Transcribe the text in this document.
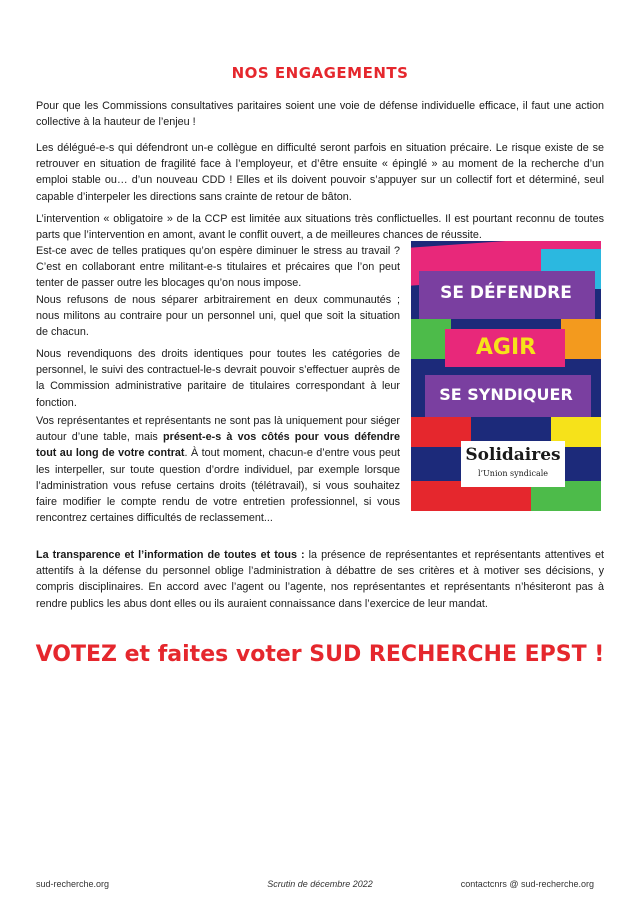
NOS ENGAGEMENTS

Pour que les Commissions consultatives paritaires soient une voie de défense individuelle efficace, il faut une action collective à la hauteur de l’enjeu !

Les délégué-e-s qui défendront un-e collègue en difficulté seront parfois en situation précaire. Le risque existe de se retrouver en situation de fragilité face à l’employeur, et d’être ensuite « épinglé » au moment de la recherche d’un emploi stable ou… d’un nouveau CDD ! Elles et ils doivent pouvoir s’appuyer sur un collectif fort et déterminé, seul capable d’interpeler les directions sans crainte de retour de bâton.

L’intervention « obligatoire » de la CCP est limitée aux situations très conflictuelles. Il est pourtant reconnu de toutes parts que l’intervention en amont, avant le conflit ouvert, a de meilleures chances de réussite.

Est-ce avec de telles pratiques qu’on espère diminuer le stress au travail ? C’est en collaborant entre militant-e-s titulaires et précaires que l’on peut tenter de passer outre les blocages qu’on nous impose.

Nous refusons de nous séparer arbitrairement en deux communautés ; nous militons au contraire pour un personnel uni, quel que soit la situation de chacun.

Nous revendiquons des droits identiques pour toutes les catégories de personnel, le suivi des contractuel-le-s devrait pouvoir s’effectuer auprès de la Commission administrative paritaire de titulaires correspondant à leur fonction.

Vos représentantes et représentants ne sont pas là uniquement pour siéger autour d’une table, mais présent-e-s à vos côtés pour vous défendre tout au long de votre contrat. À tout moment, chacun-e d’entre vous peut les interpeller, sur toute question d’ordre individuel, par exemple lorsque l’administration vous refuse certains droits (télétravail), si vous souhaitez faire modifier le compte rendu de votre entretien professionnel, si vous rencontrez certaines difficultés de reclassement...

La transparence et l’information de toutes et tous : la présence de représentantes et représentants attentives et attentifs à la défense du personnel oblige l’administration à débattre de ses critères et à motiver ses décisions, y compris disciplinaires. En accord avec l’agent ou l’agente, nos représentantes et représentants n’hésiteront pas à rendre publics les abus dont elles ou ils auraient connaissance dans l’exercice de leur mandat.

SE DÉFENDRE
AGIR
SE SYNDIQUER
Solidaires
l’Union syndicale
VOTEZ et faites voter SUD RECHERCHE EPST !
sud-recherche.org	Scrutin de décembre 2022	contactcnrs @ sud-recherche.org
